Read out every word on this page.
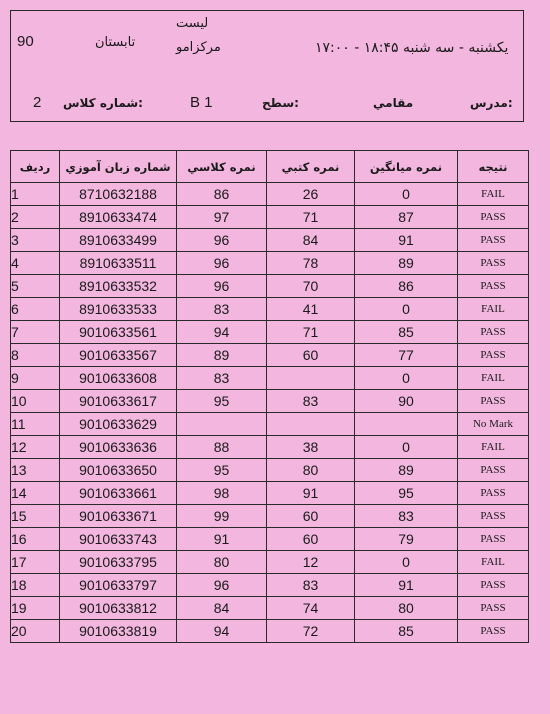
90	تابستان
لیست
مرکزامو	یکشنبه - سه شنبه ۱۸:۴۵ - ۱۷:۰۰
2 شماره کلاس:	B 1	سطح:	مقامي	مدرس:
رديف	شماره زبان آموزي	نمره كلاسي	نمره كتبي	نمره ميانگين	نتيجه
1	8710632188	86	26	0	FAIL
2	8910633474	97	71	87	PASS
3	8910633499	96	84	91	PASS
4	8910633511	96	78	89	PASS
5	8910633532	96	70	86	PASS
6	8910633533	83	41	0	FAIL
7	9010633561	94	71	85	PASS
8	9010633567	89	60	77	PASS
9	9010633608	83		0	FAIL
10	9010633617	95	83	90	PASS
11	9010633629				No Mark
12	9010633636	88	38	0	FAIL
13	9010633650	95	80	89	PASS
14	9010633661	98	91	95	PASS
15	9010633671	99	60	83	PASS
16	9010633743	91	60	79	PASS
17	9010633795	80	12	0	FAIL
18	9010633797	96	83	91	PASS
19	9010633812	84	74	80	PASS
20	9010633819	94	72	85	PASS
